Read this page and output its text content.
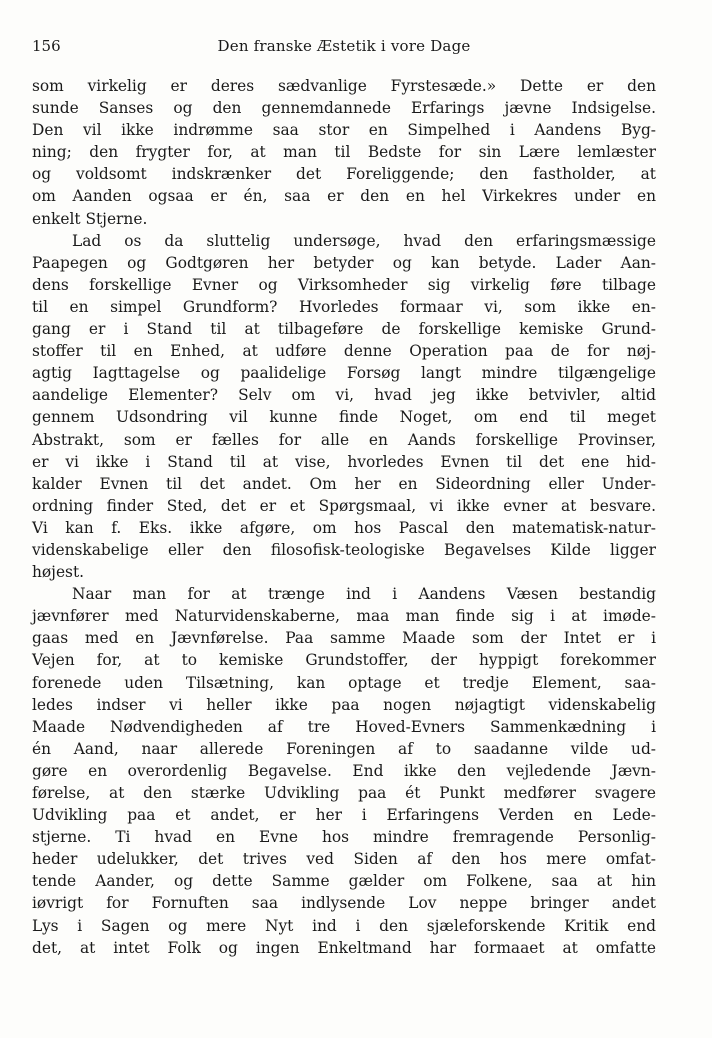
156	Den franske Æstetik i vore Dage
som virkelig er deres sædvanlige Fyrstesæde.» Dette er den
sunde Sanses og den gennemdannede Erfarings jævne Indsigelse.
Den vil ikke indrømme saa stor en Simpelhed i Aandens Byg-
ning; den frygter for, at man til Bedste for sin Lære lemlæster
og voldsomt indskrænker det Foreliggende; den fastholder, at
om Aanden ogsaa er én, saa er den en hel Virkekres under en
enkelt Stjerne.
Lad os da sluttelig undersøge, hvad den erfaringsmæssige
Paapegen og Godtgøren her betyder og kan betyde. Lader Aan-
dens forskellige Evner og Virksomheder sig virkelig føre tilbage
til en simpel Grundform? Hvorledes formaar vi, som ikke en-
gang er i Stand til at tilbageføre de forskellige kemiske Grund-
stoffer til en Enhed, at udføre denne Operation paa de for nøj-
agtig Iagttagelse og paalidelige Forsøg langt mindre tilgængelige
aandelige Elementer? Selv om vi, hvad jeg ikke betvivler, altid
gennem Udsondring vil kunne finde Noget, om end til meget
Abstrakt, som er fælles for alle en Aands forskellige Provinser,
er vi ikke i Stand til at vise, hvorledes Evnen til det ene hid-
kalder Evnen til det andet. Om her en Sideordning eller Under-
ordning finder Sted, det er et Spørgsmaal, vi ikke evner at besvare.
Vi kan f. Eks. ikke afgøre, om hos Pascal den matematisk-natur-
videnskabelige eller den filosofisk-teologiske Begavelses Kilde ligger
højest.
Naar man for at trænge ind i Aandens Væsen bestandig
jævnfører med Naturvidenskaberne, maa man finde sig i at imøde-
gaas med en Jævnførelse. Paa samme Maade som der Intet er i
Vejen for, at to kemiske Grundstoffer, der hyppigt forekommer
forenede uden Tilsætning, kan optage et tredje Element, saa-
ledes indser vi heller ikke paa nogen nøjagtigt videnskabelig
Maade Nødvendigheden af tre Hoved-Evners Sammenkædning i
én Aand, naar allerede Foreningen af to saadanne vilde ud-
gøre en overordenlig Begavelse. End ikke den vejledende Jævn-
førelse, at den stærke Udvikling paa ét Punkt medfører svagere
Udvikling paa et andet, er her i Erfaringens Verden en Lede-
stjerne. Ti hvad en Evne hos mindre fremragende Personlig-
heder udelukker, det trives ved Siden af den hos mere omfat-
tende Aander, og dette Samme gælder om Folkene, saa at hin
iøvrigt for Fornuften saa indlysende Lov neppe bringer andet
Lys i Sagen og mere Nyt ind i den sjæleforskende Kritik end
det, at intet Folk og ingen Enkeltmand har formaaet at omfatte
